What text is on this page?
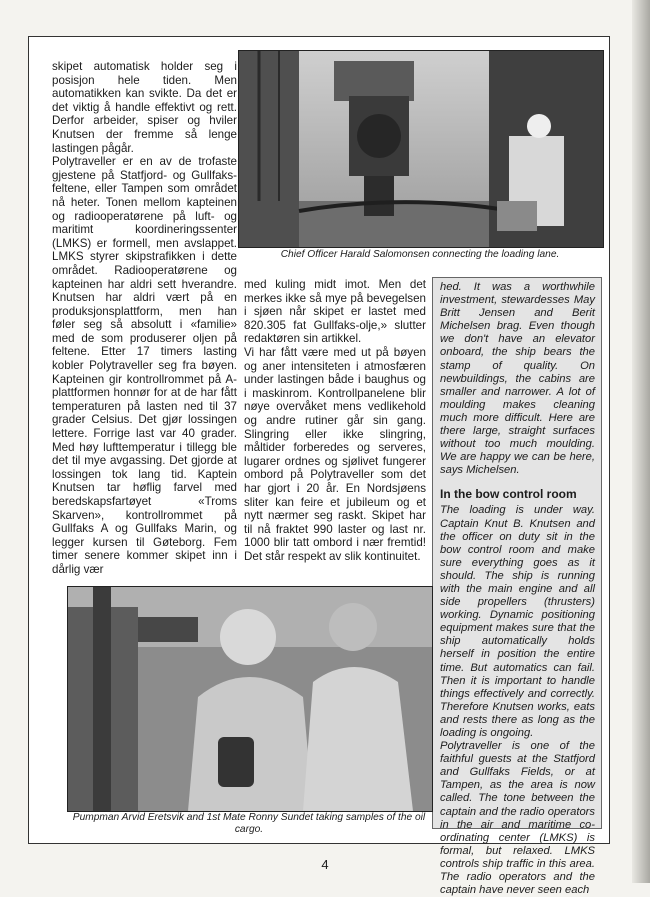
skipet automatisk holder seg i posisjon hele tiden. Men automatikken kan svikte. Da det er det viktig å handle effektivt og rett. Derfor arbeider, spiser og hviler Knutsen der fremme så lenge lastingen pågår.

Polytraveller er en av de trofaste gjestene på Statfjord- og Gullfaks-feltene, eller Tampen som området nå heter. Tonen mellom kapteinen og radiooperatørene på luft- og maritimt koordineringssenter (LMKS) er formell, men avslappet. LMKS styrer skipstrafikken i dette området. Radiooperatørene og kapteinen har aldri sett hverandre. Knutsen har aldri vært på en produksjonsplattform, men han føler seg så absolutt i «familie» med de som produserer oljen på feltene. Etter 17 timers lasting kobler Polytraveller seg fra bøyen. Kapteinen gir kontrollrommet på A-plattformen honnør for at de har fått temperaturen på lasten ned til 37 grader Celsius. Det gjør lossingen lettere. Forrige last var 40 grader. Med høy lufttemperatur i tillegg ble det til mye avgassing. Det gjorde at lossingen tok lang tid. Kaptein Knutsen tar høflig farvel med beredskapsfartøyet «Troms Skarven», kontrollrommet på Gullfaks A og Gullfaks Marin, og legger kursen til Gøteborg. Fem timer senere kommer skipet inn i dårlig vær

med kuling midt imot. Men det merkes ikke så mye på bevegelsen i sjøen når skipet er lastet med 820.305 fat Gullfaks-olje,» slutter redaktøren sin artikkel.

Vi har fått være med ut på bøyen og aner intensiteten i atmosfæren under lastingen både i baughus og i maskinrom. Kontrollpanelene blir nøye overvåket mens vedlikehold og andre rutiner går sin gang. Slingring eller ikke slingring, måltider forberedes og serveres, lugarer ordnes og sjølivet fungerer ombord på Polytraveller som det har gjort i 20 år. En Nordsjøens sliter kan feire et jubileum og et nytt nærmer seg raskt. Skipet har til nå fraktet 990 laster og last nr. 1000 blir tatt ombord i nær fremtid! Det står respekt av slik kontinuitet.

hed. It was a worthwhile investment, stewardesses May Britt Jensen and Berit Michelsen brag. Even though we don't have an elevator onboard, the ship bears the stamp of quality. On newbuildings, the cabins are smaller and narrower. A lot of moulding makes cleaning much more difficult. Here are there large, straight surfaces without too much moulding. We are happy we can be here, says Michelsen.

In the bow control room

The loading is under way. Captain Knut B. Knutsen and the officer on duty sit in the bow control room and make sure everything goes as it should. The ship is running with the main engine and all side propellers (thrusters) working. Dynamic positioning equipment makes sure that the ship automatically holds herself in position the entire time. But automatics can fail. Then it is important to handle things effectively and correctly. Therefore Knutsen works, eats and rests there as long as the loading is ongoing.

Polytraveller is one of the faithful guests at the Statfjord and Gullfaks Fields, or at Tampen, as the area is now called. The tone between the captain and the radio operators in the air and maritime co-ordinating center (LMKS) is formal, but relaxed. LMKS controls ship traffic in this area. The radio operators and the captain have never seen each

Chief Officer Harald Salomonsen connecting the loading lane.
Pumpman Arvid Eretsvik and 1st Mate Ronny Sundet taking samples of the oil cargo.
4
